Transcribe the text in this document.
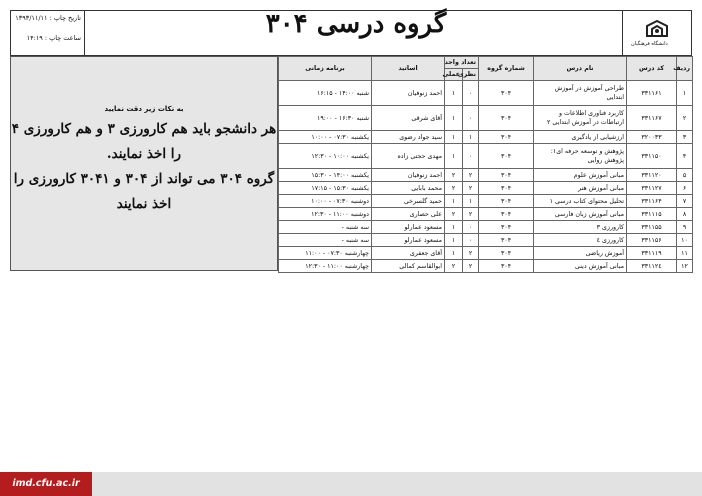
تاریخ چاپ : ۱۳۹۳/۱۱/۱۱
ساعت چاپ : ۱۴:۱۹	گروه درسی ۳۰۴
دانشگاه فرهنگیان
به نکات زیر دقت نمایید
هر دانشجو باید هم کارورزی ۳ و هم کارورزی ۴ را اخذ نمایند.
گروه ۳۰۴ می تواند از ۳۰۴ و ۳۰۴۱ کارورزی را اخذ نمایند
ردیف	کد درس	نام درس	شماره گروه	تعداد واحد		اساتید	برنامه زمانی
				نظری	عملی		
۱	۳۳۱۱۶۱	طراحی آموزش در آموزش ابتدایی	۳۰۴	۰	۱	احمد زنوفیان	شنبه ۱۴:۰۰ - ۱۶:۱۵
۲	۳۳۱۱۶۷	کاربرد فناوری اطلاعات و ارتباطات در آموزش ابتدایی ۲	۳۰۴	۰	۱	آقای شرقی	شنبه ۱۶:۳۰ - ۱۹:۰۰
۳	۳۲۰۰۳۳	ارزشیابی از یادگیری	۳۰۴	۱	۱	سید جواد رضوی	یکشنبه ۰۷:۳۰ - ۱۰:۰۰
۴	۳۳۱۱۵۰	پژوهش و توسعه حرفه ای۱: پژوهش روایی	۳۰۴	۰	۱	مهدی حجتی زاده	یکشنبه ۱۰:۰۰ - ۱۲:۳۰
۵	۳۳۱۱۲۰	مبانی آموزش علوم	۳۰۴	۲	۲	احمد زنوفیان	یکشنبه ۱۴:۰۰ - ۱۵:۳۰
۶	۳۳۱۱۲۷	مبانی آموزش هنر	۳۰۴	۲	۲	محمد بابایی	یکشنبه ۱۵:۳۰ - ۱۷:۱۵
۷	۳۳۱۱۶۴	تحلیل محتوای کتاب درسی ۱	۳۰۴	۱	۱	حمید گلسرخی	دوشنبه ۰۷:۳۰ - ۱۰:۰۰
۸	۳۳۱۱۱۵	مبانی آموزش زبان فارسی	۳۰۴	۲	۲	علی حصاری	دوشنبه ۱۱:۰۰ - ۱۲:۳۰
۹	۳۳۱۱۵۵	کارورزی ۳	۳۰۴	۰	۱	مسعود عمارلو	سه شنبه -
۱۰	۳۳۱۱۵۶	کارورزی ٤	۳۰۴	۰	۱	مسعود عمارلو	سه شنبه -
۱۱	۳۳۱۱۱۹	آموزش ریاضی	۳۰۴	۲	۱	آقای جعفری	چهارشنبه ۰۷:۳۰ - ۱۱:۰۰
۱۲	۳۳۱۱۲٤	مبانی آموزش دینی	۳۰۴	۲	۲	ابوالقاسم کمالی	چهارشنبه ۱۱:۰۰ - ۱۲:۳۰
imd.cfu.ac.ir
